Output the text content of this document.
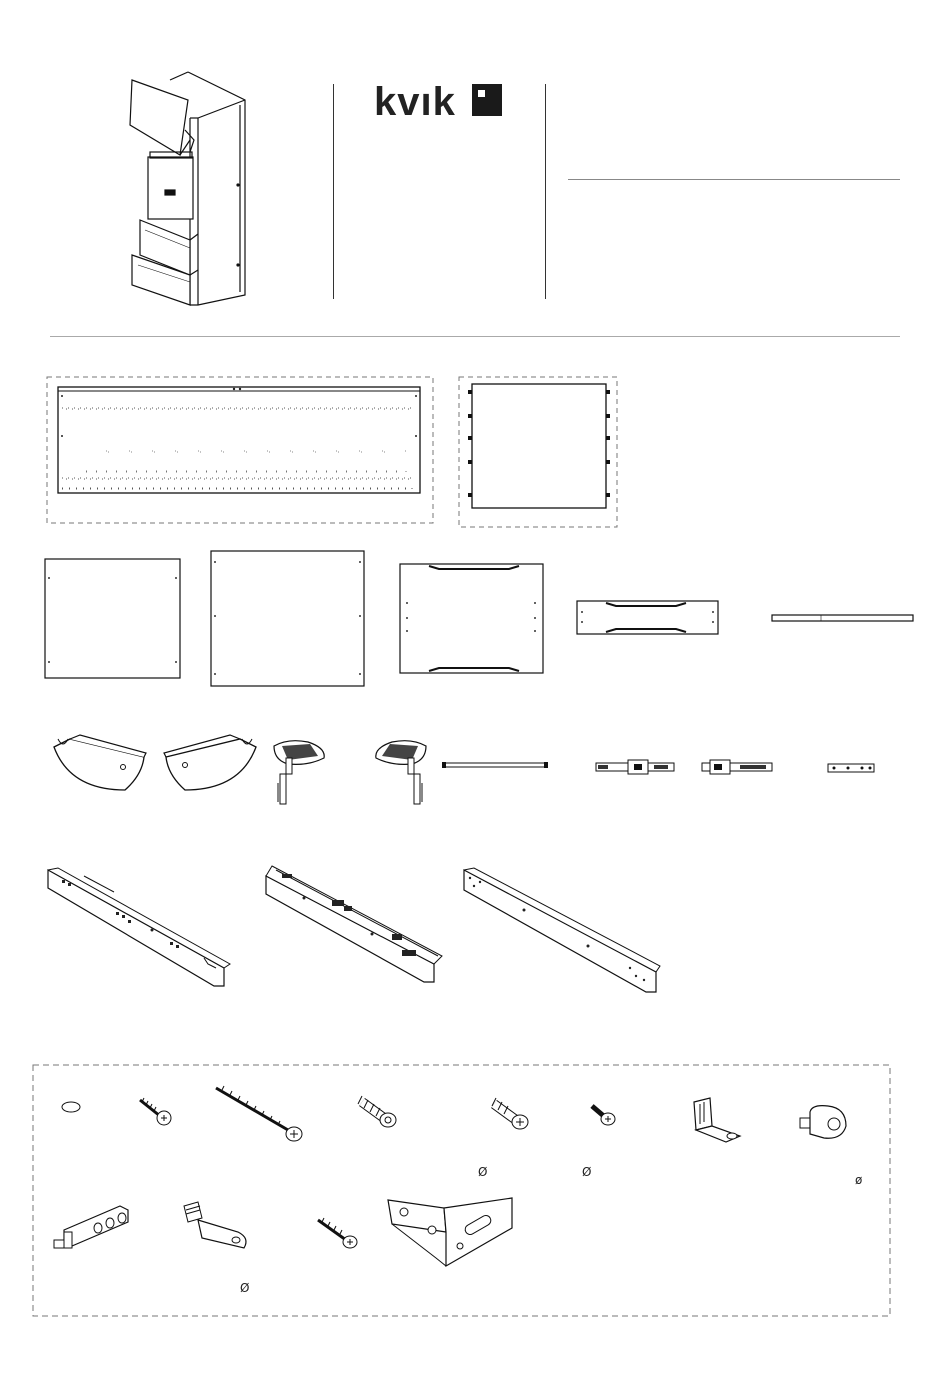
kvık
Ø	Ø
ø
Ø
